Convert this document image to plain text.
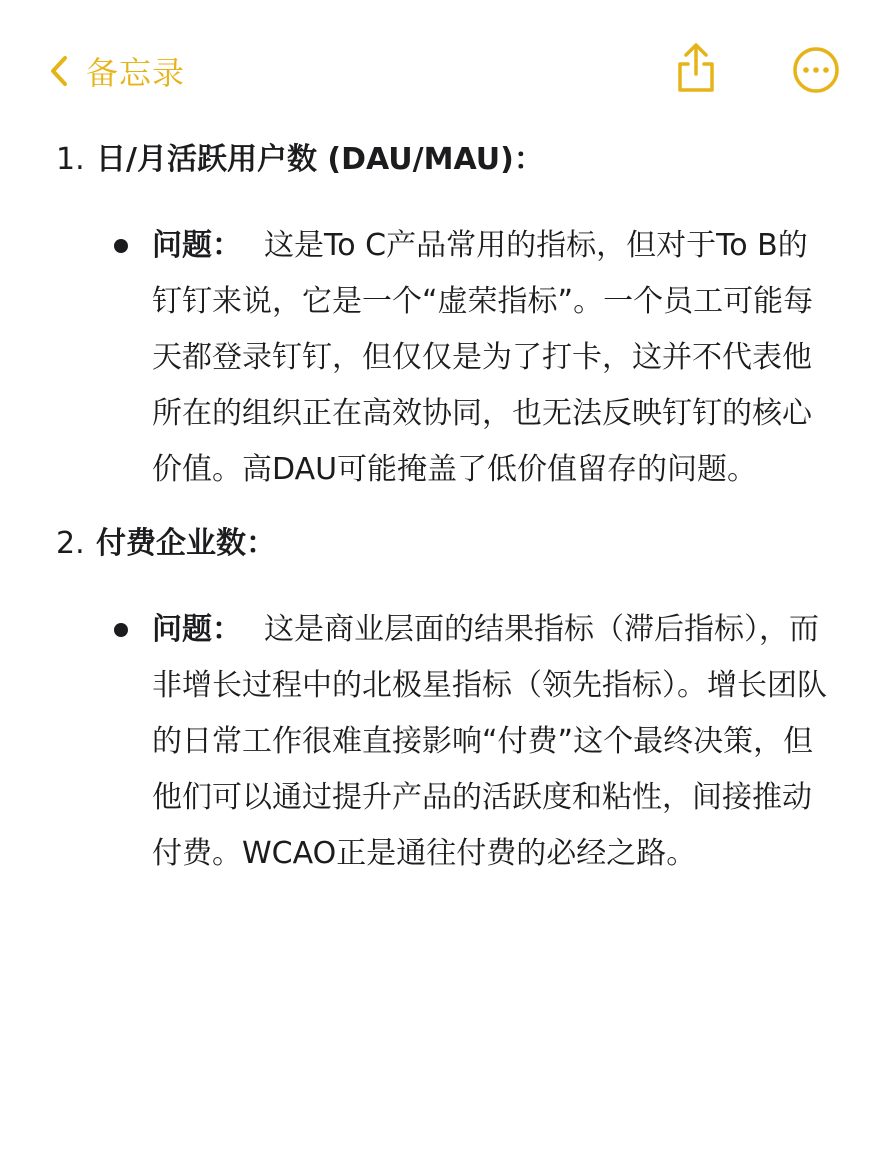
备忘录
1. 日/月活跃用户数 (DAU/MAU)：
问题： 这是To C产品常用的指标，但对于To B的钉钉来说，它是一个“虚荣指标”。一个员工可能每天都登录钉钉，但仅仅是为了打卡，这并不代表他所在的组织正在高效协同，也无法反映钉钉的核心价值。高DAU可能掩盖了低价值留存的问题。
2. 付费企业数：
问题： 这是商业层面的结果指标（滞后指标），而非增长过程中的北极星指标（领先指标）。增长团队的日常工作很难直接影响“付费”这个最终决策，但他们可以通过提升产品的活跃度和粘性，间接推动付费。WCAO正是通往付费的必经之路。
